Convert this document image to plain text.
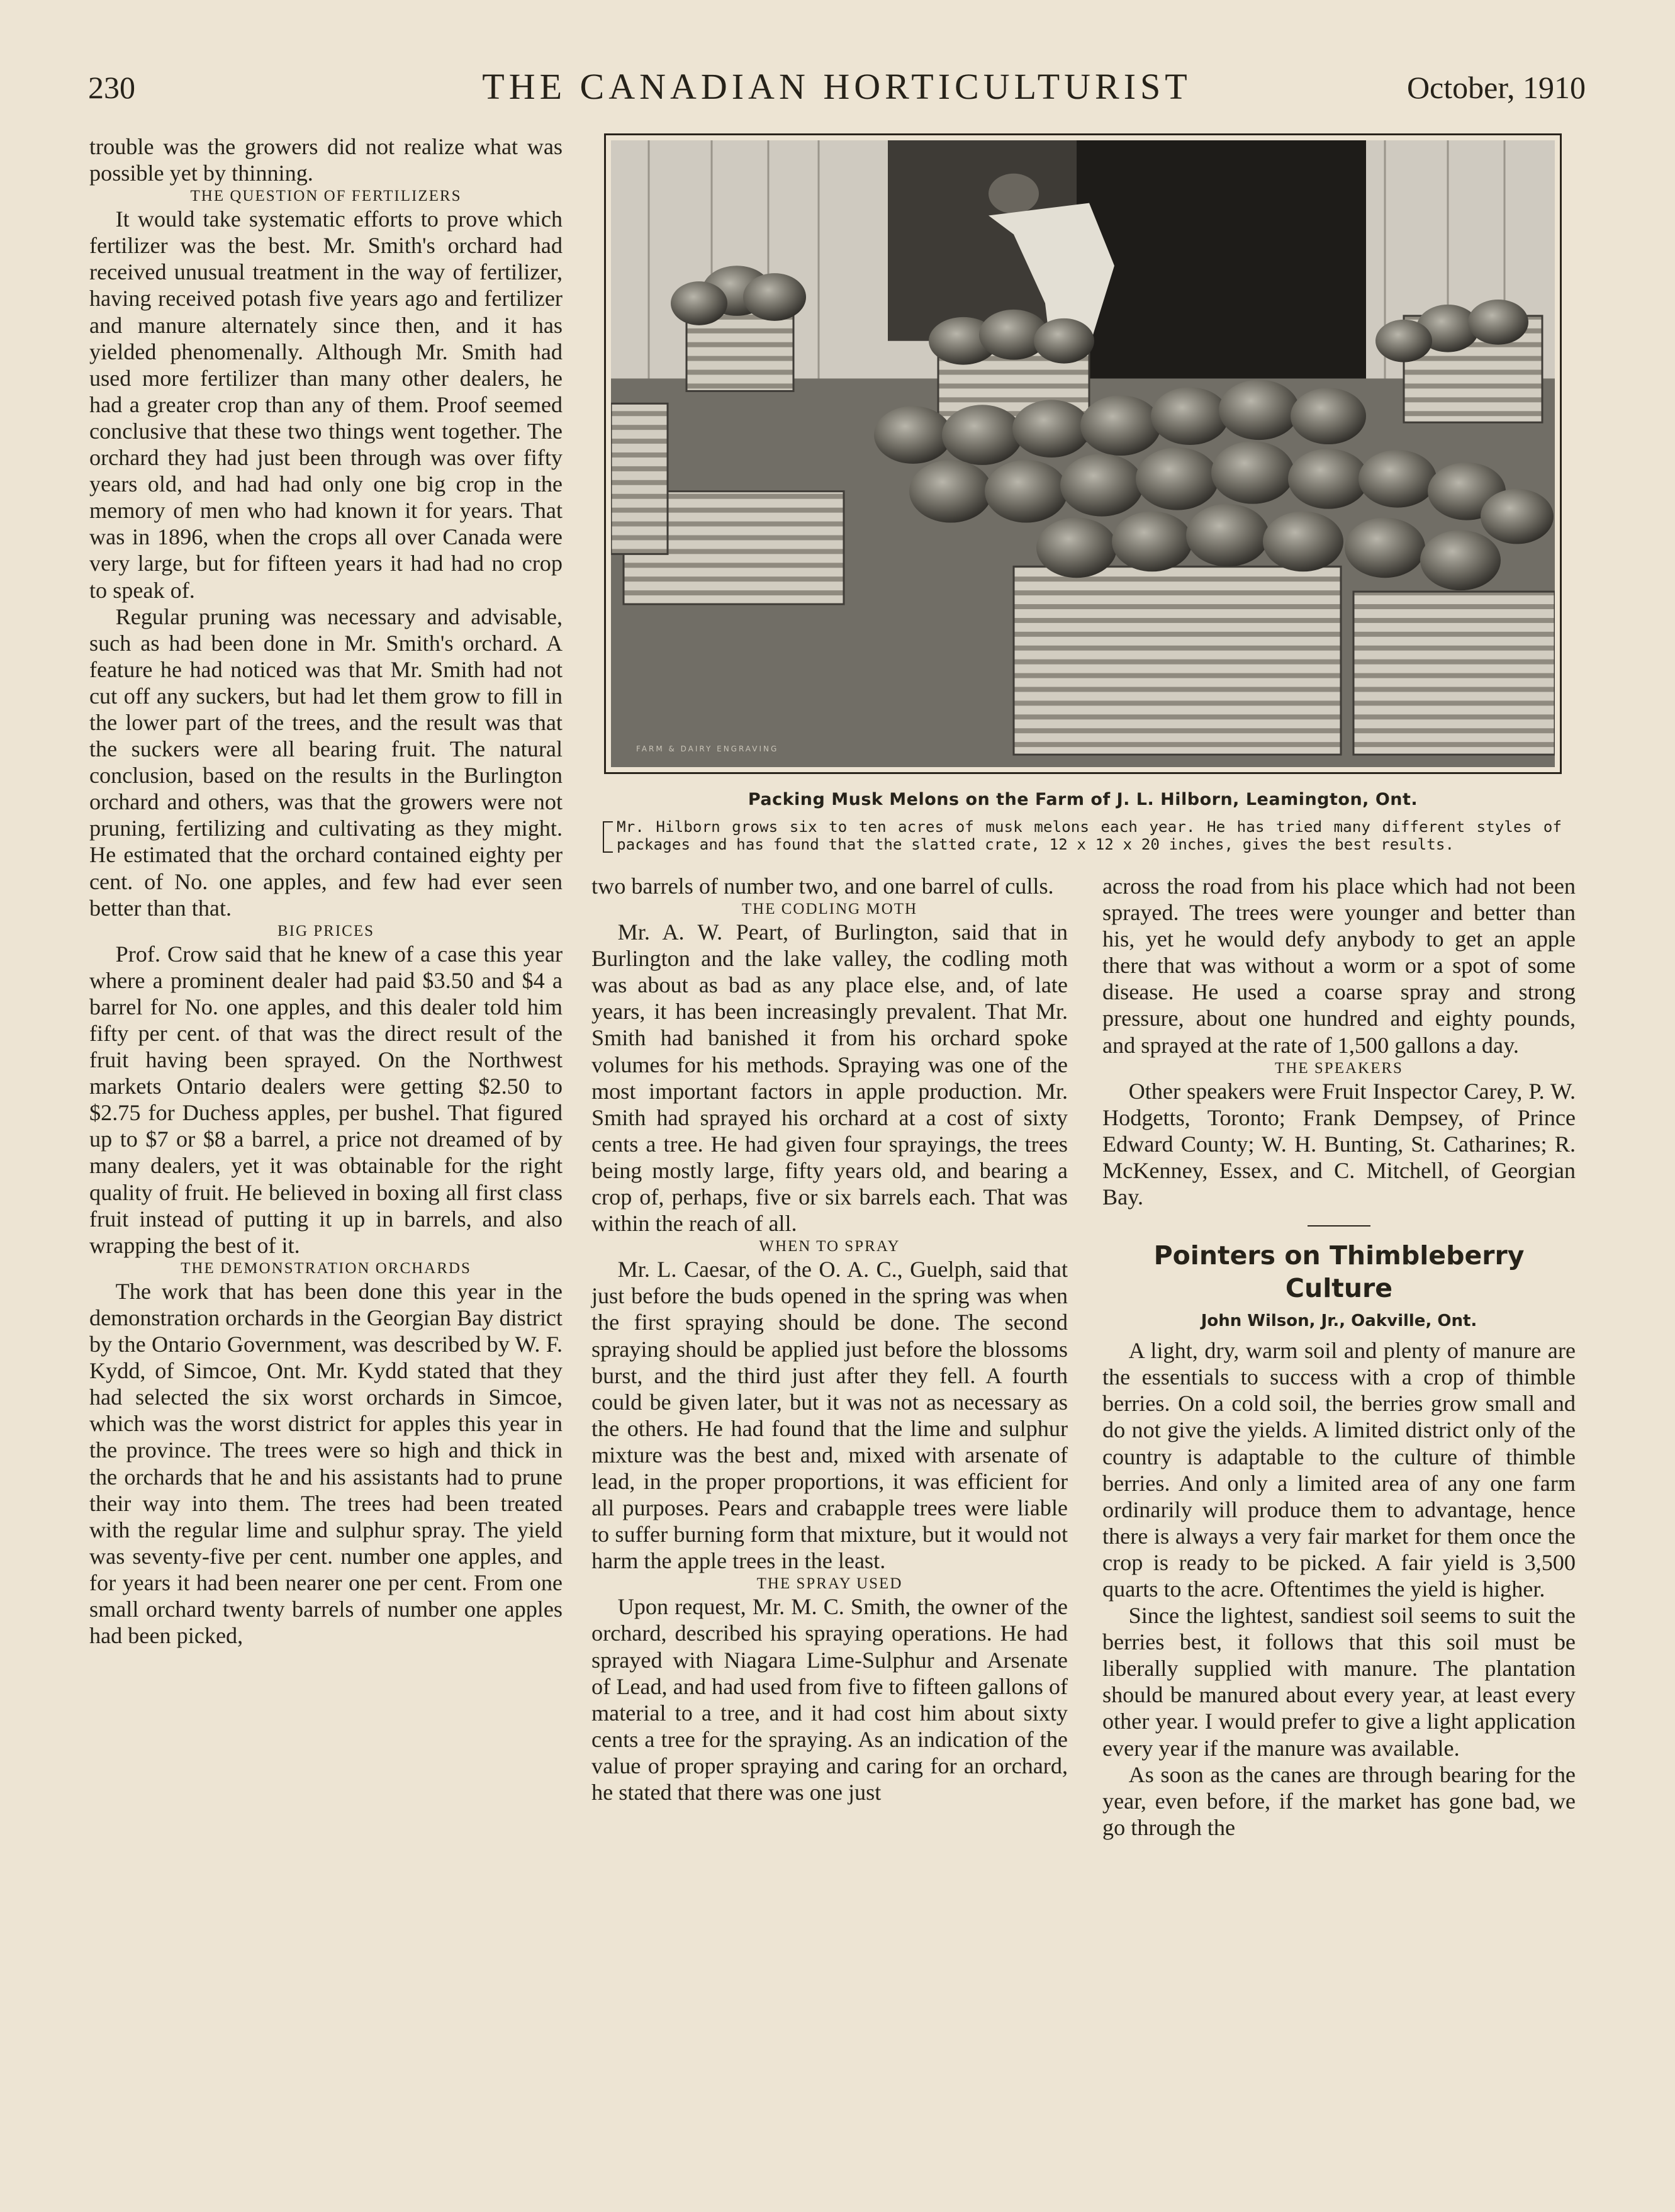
230	THE CANADIAN HORTICULTURIST	October, 1910

trouble was the growers did not realize what was possible yet by thinning.

THE QUESTION OF FERTILIZERS

It would take systematic efforts to prove which fertilizer was the best. Mr. Smith's orchard had received unusual treatment in the way of fertilizer, having received potash five years ago and fertilizer and manure alternately since then, and it has yielded phenomenally. Although Mr. Smith had used more fertilizer than many other dealers, he had a greater crop than any of them. Proof seemed conclusive that these two things went together. The orchard they had just been through was over fifty years old, and had had only one big crop in the memory of men who had known it for years. That was in 1896, when the crops all over Canada were very large, but for fifteen years it had had no crop to speak of.

Regular pruning was necessary and advisable, such as had been done in Mr. Smith's orchard. A feature he had noticed was that Mr. Smith had not cut off any suckers, but had let them grow to fill in the lower part of the trees, and the result was that the suckers were all bearing fruit. The natural conclusion, based on the results in the Burlington orchard and others, was that the growers were not pruning, fertilizing and cultivating as they might. He estimated that the orchard contained eighty per cent. of No. one apples, and few had ever seen better than that.

BIG PRICES

Prof. Crow said that he knew of a case this year where a prominent dealer had paid $3.50 and $4 a barrel for No. one apples, and this dealer told him fifty per cent. of that was the direct result of the fruit having been sprayed. On the Northwest markets Ontario dealers were getting $2.50 to $2.75 for Duchess apples, per bushel. That figured up to $7 or $8 a barrel, a price not dreamed of by many dealers, yet it was obtainable for the right quality of fruit. He believed in boxing all first class fruit instead of putting it up in barrels, and also wrapping the best of it.

THE DEMONSTRATION ORCHARDS

The work that has been done this year in the demonstration orchards in the Georgian Bay district by the Ontario Government, was described by W. F. Kydd, of Simcoe, Ont. Mr. Kydd stated that they had selected the six worst orchards in Simcoe, which was the worst district for apples this year in the province. The trees were so high and thick in the orchards that he and his assistants had to prune their way into them. The trees had been treated with the regular lime and sulphur spray. The yield was seventy-five per cent. number one apples, and for years it had been nearer one per cent. From one small orchard twenty barrels of number one apples had been picked,

FARM & DAIRY ENGRAVING
Packing Musk Melons on the Farm of J. L. Hilborn, Leamington, Ont.
Mr. Hilborn grows six to ten acres of musk melons each year. He has tried many different styles of packages and has found that the slatted crate, 12 x 12 x 20 inches, gives the best results.

two barrels of number two, and one barrel of culls.

THE CODLING MOTH

Mr. A. W. Peart, of Burlington, said that in Burlington and the lake valley, the codling moth was about as bad as any place else, and, of late years, it has been increasingly prevalent. That Mr. Smith had banished it from his orchard spoke volumes for his methods. Spraying was one of the most important factors in apple production. Mr. Smith had sprayed his orchard at a cost of sixty cents a tree. He had given four sprayings, the trees being mostly large, fifty years old, and bearing a crop of, perhaps, five or six barrels each. That was within the reach of all.

WHEN TO SPRAY

Mr. L. Caesar, of the O. A. C., Guelph, said that just before the buds opened in the spring was when the first spraying should be done. The second spraying should be applied just before the blossoms burst, and the third just after they fell. A fourth could be given later, but it was not as necessary as the others. He had found that the lime and sulphur mixture was the best and, mixed with arsenate of lead, in the proper proportions, it was efficient for all purposes. Pears and crabapple trees were liable to suffer burning form that mixture, but it would not harm the apple trees in the least.

THE SPRAY USED

Upon request, Mr. M. C. Smith, the owner of the orchard, described his spraying operations. He had sprayed with Niagara Lime-Sulphur and Arsenate of Lead, and had used from five to fifteen gallons of material to a tree, and it had cost him about sixty cents a tree for the spraying. As an indication of the value of proper spraying and caring for an orchard, he stated that there was one just

across the road from his place which had not been sprayed. The trees were younger and better than his, yet he would defy anybody to get an apple there that was without a worm or a spot of some disease. He used a coarse spray and strong pressure, about one hundred and eighty pounds, and sprayed at the rate of 1,500 gallons a day.

THE SPEAKERS

Other speakers were Fruit Inspector Carey, P. W. Hodgetts, Toronto; Frank Dempsey, of Prince Edward County; W. H. Bunting, St. Catharines; R. McKenney, Essex, and C. Mitchell, of Georgian Bay.

Pointers on Thimbleberry Culture
John Wilson, Jr., Oakville, Ont.

A light, dry, warm soil and plenty of manure are the essentials to success with a crop of thimble berries. On a cold soil, the berries grow small and do not give the yields. A limited district only of the country is adaptable to the culture of thimble berries. And only a limited area of any one farm ordinarily will produce them to advantage, hence there is always a very fair market for them once the crop is ready to be picked. A fair yield is 3,500 quarts to the acre. Oftentimes the yield is higher.

Since the lightest, sandiest soil seems to suit the berries best, it follows that this soil must be liberally supplied with manure. The plantation should be manured about every year, at least every other year. I would prefer to give a light application every year if the manure was available.

As soon as the canes are through bearing for the year, even before, if the market has gone bad, we go through the
